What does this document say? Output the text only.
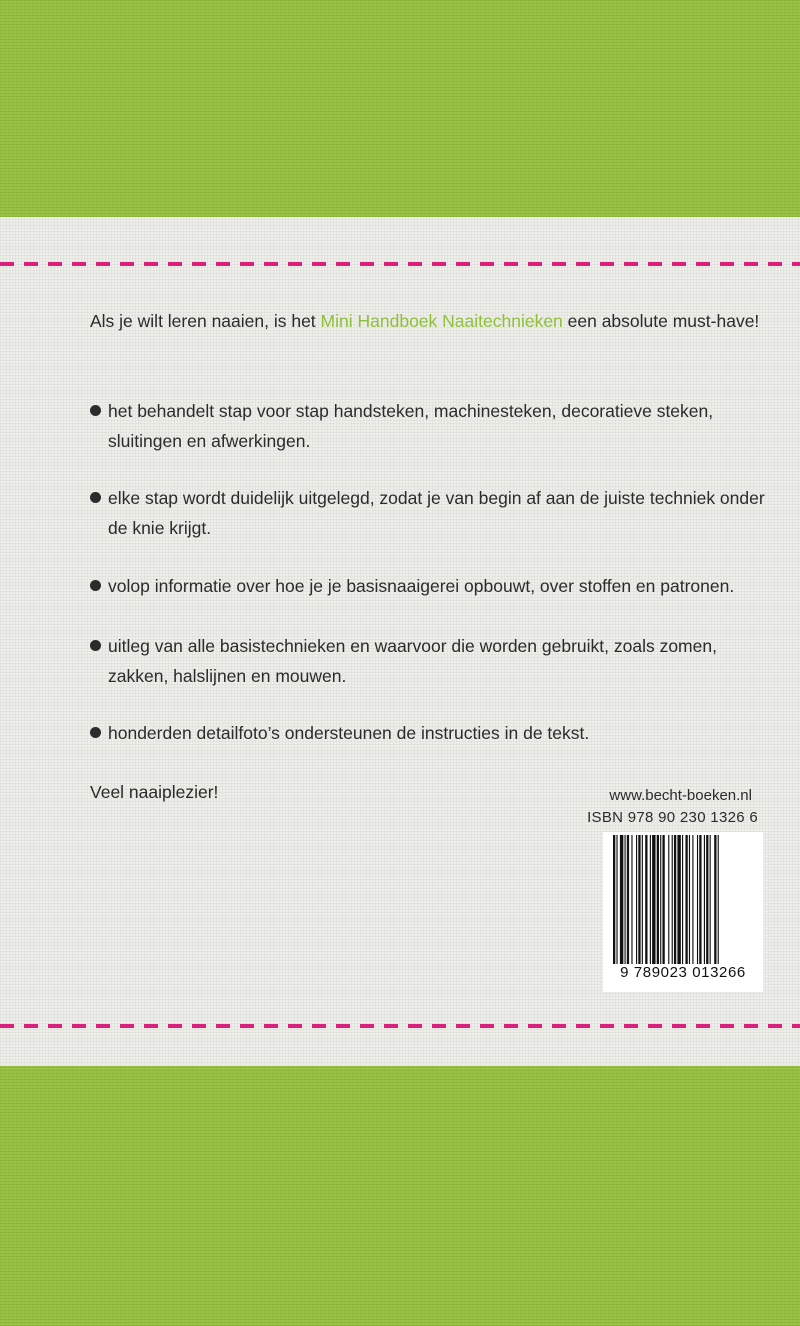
Als je wilt leren naaien, is het Mini Handboek Naaitechnieken een absolute must-have!
het behandelt stap voor stap handsteken, machinesteken, decoratieve steken, sluitingen en afwerkingen.
elke stap wordt duidelijk uitgelegd, zodat je van begin af aan de juiste techniek onder de knie krijgt.
volop informatie over hoe je je basisnaaigerei opbouwt, over stoffen en patronen.
uitleg van alle basistechnieken en waarvoor die worden gebruikt, zoals zomen, zakken, halslijnen en mouwen.
honderden detailfoto’s ondersteunen de instructies in de tekst.
Veel naaiplezier!	www.becht-boeken.nl
ISBN 978 90 230 1326 6
9 789023 013266
